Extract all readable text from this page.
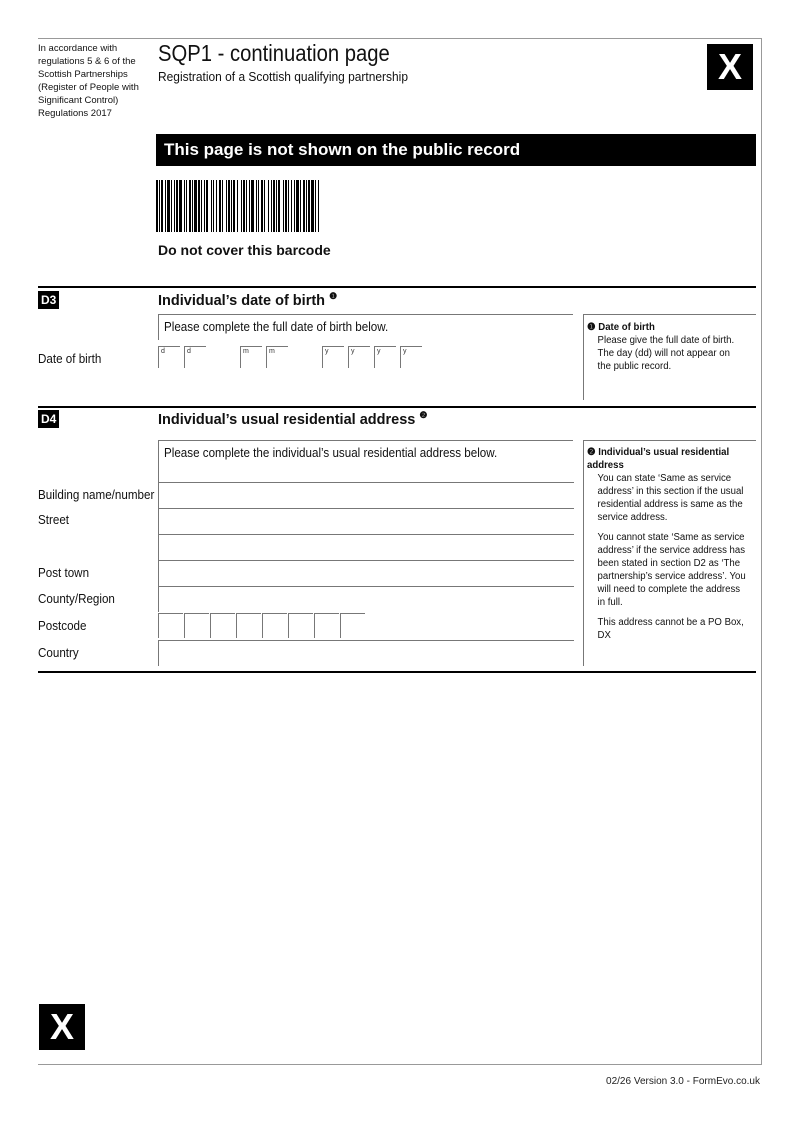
In accordance with regulations 5 & 6 of the Scottish Partnerships (Register of People with Significant Control) Regulations 2017
SQP1 - continuation page
Registration of a Scottish qualifying partnership	X
This page is not shown on the public record
Do not cover this barcode
D3	Individual’s date of birth $^❶$
Please complete the full date of birth below.
Date of birth
d	d	m	m	y	y	y	y
❶ Date of birth
Please give the full date of birth. The day (dd) will not appear on the public record.
D4	Individual’s usual residential address $^❷$
Please complete the individual’s usual residential address below.
Building name/number
Street
Post town
County/Region
Postcode
Country
❷ Individual’s usual residential address
You can state ‘Same as service address’ in this section if the usual residential address is same as the service address.
You cannot state ‘Same as service address’ if the service address has been stated in section D2 as ‘The partnership’s service address’. You will need to complete the address in full.
This address cannot be a PO Box, DX
X
02/26 Version 3.0 - FormEvo.co.uk
